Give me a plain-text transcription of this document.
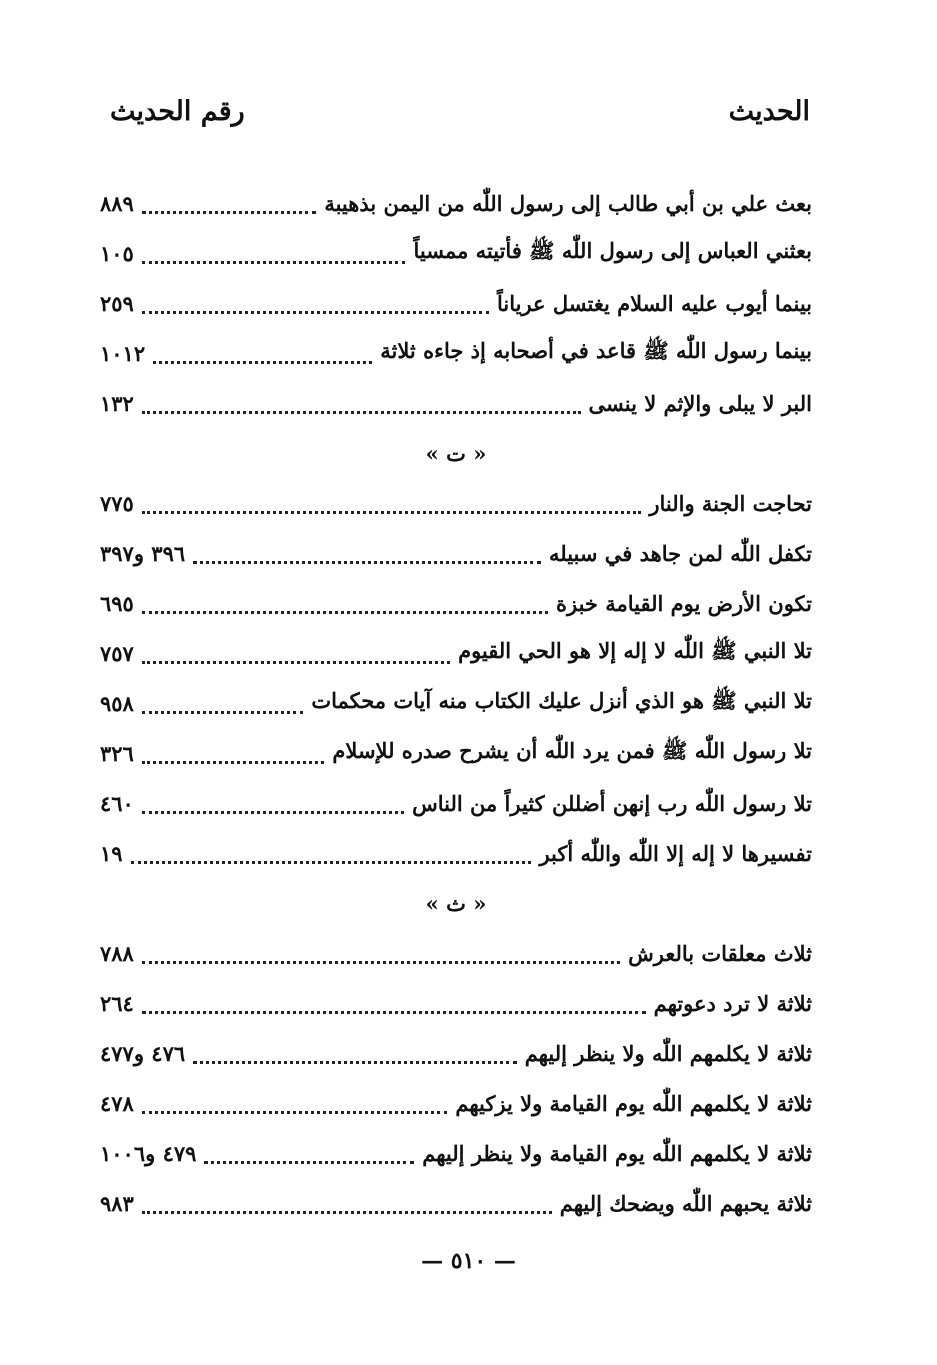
الحديث
رقم الحديث
بعث علي بن أبي طالب إلى رسول اللّٰه من اليمن بذهيبة
٨٨٩
بعثني العباس إلى رسول اللّٰه ﷺ فأتيته ممسياً
١٠٥
بينما أيوب عليه السلام يغتسل عرياناً
٢٥٩
بينما رسول اللّٰه ﷺ قاعد في أصحابه إذ جاءه ثلاثة
١٠١٢
البر لا يبلى والإثم لا ينسى
١٣٢
« ت »
تحاجت الجنة والنار
٧٧٥
تكفل اللّٰه لمن جاهد في سبيله
٣٩٦ و٣٩٧
تكون الأرض يوم القيامة خبزة
٦٩٥
تلا النبي ﷺ اللّٰه لا إله إلا هو الحي القيوم
٧٥٧
تلا النبي ﷺ هو الذي أنزل عليك الكتاب منه آيات محكمات
٩٥٨
تلا رسول اللّٰه ﷺ فمن يرد اللّٰه أن يشرح صدره للإسلام
٣٢٦
تلا رسول اللّٰه رب إنهن أضللن كثيراً من الناس
٤٦٠
تفسيرها لا إله إلا اللّٰه واللّٰه أكبر
١٩
« ث »
ثلاث معلقات بالعرش
٧٨٨
ثلاثة لا ترد دعوتهم
٢٦٤
ثلاثة لا يكلمهم اللّٰه ولا ينظر إليهم
٤٧٦ و٤٧٧
ثلاثة لا يكلمهم اللّٰه يوم القيامة ولا يزكيهم
٤٧٨
ثلاثة لا يكلمهم اللّٰه يوم القيامة ولا ينظر إليهم
٤٧٩ و١٠٠٦
ثلاثة يحبهم اللّٰه ويضحك إليهم
٩٨٣
— ٥١٠ —
